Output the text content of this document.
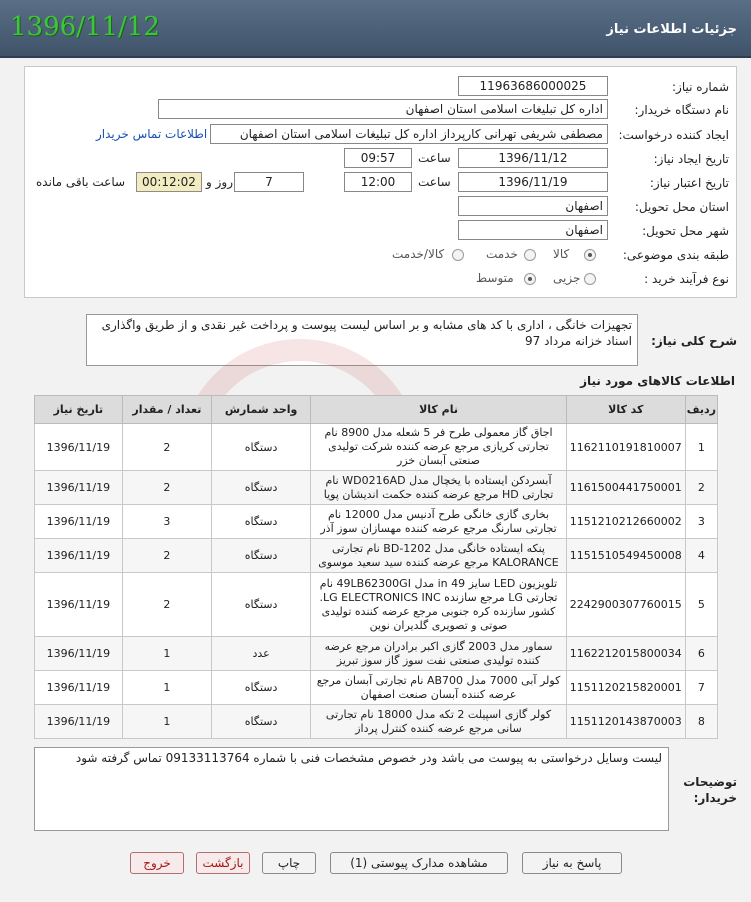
جزئیات اطلاعات نیاز
1396/11/12
شماره نیاز:
11963686000025
نام دستگاه خریدار:
اداره کل تبلیغات اسلامی استان اصفهان
ایجاد کننده درخواست:
مصطفی شریفی تهرانی کارپرداز اداره کل تبلیغات اسلامی استان اصفهان
اطلاعات تماس خریدار
تاریخ ایجاد نیاز:
1396/11/12
ساعت
09:57
تاریخ اعتبار نیاز:
1396/11/19
ساعت
12:00
7
روز و
00:12:02
ساعت باقی مانده
استان محل تحویل:
اصفهان
شهر محل تحویل:
اصفهان
طبقه بندی موضوعی:
کالا
خدمت
کالا/خدمت
نوع فرآیند خرید :
جزیی
متوسط
شرح کلی نیاز:
تجهیزات خانگی ، اداری با کد های مشابه و بر اساس لیست پیوست و پرداخت غیر نقدی و از طریق واگذاری اسناد خزانه مرداد 97
اطلاعات کالاهای مورد نیاز
ردیف	کد کالا	نام کالا	واحد شمارش	تعداد / مقدار	تاریخ نیاز
1	1162110191810007	اجاق گاز معمولی طرح فر 5 شعله مدل 8900 نام تجارتی کریازی مرجع عرضه کننده شرکت تولیدی صنعتی آبسان خزر	دستگاه	2	1396/11/19
2	1161500441750001	آبسردکن ایستاده با یخچال مدل WD0216AD نام تجارتی HD مرجع عرضه کننده حکمت اندیشان پویا	دستگاه	2	1396/11/19
3	1151210212660002	بخاری گازی خانگی طرح آدنیس مدل 12000 نام تجارتی سارنگ مرجع عرضه کننده مهسازان سوز آذر	دستگاه	3	1396/11/19
4	1151510549450008	پنکه ایستاده خانگی مدل BD-1202 نام تجارتی KALORANCE مرجع عرضه کننده سید سعید موسوی	دستگاه	2	1396/11/19
5	2242900307760015	تلویزیون LED سایز 49 in مدل 49LB62300GI نام تجارتی LG مرجع سازنده LG ELECTRONICS INC. کشور سازنده کره جنوبی مرجع عرضه کننده تولیدی صوتی و تصویری گلدیران نوین	دستگاه	2	1396/11/19
6	1162212015800034	سماور مدل 2003 گازی اکبر برادران مرجع عرضه کننده تولیدی صنعتی نفت سوز گاز سوز تبریز	عدد	1	1396/11/19
7	1151120215820001	کولر آبی 7000 مدل AB700 نام تجارتی آبسان مرجع عرضه کننده آبسان صنعت اصفهان	دستگاه	1	1396/11/19
8	1151120143870003	کولر گازی اسپیلت 2 تکه مدل 18000 نام تجارتی سانی مرجع عرضه کننده کنترل پرداز	دستگاه	1	1396/11/19
توضیحات خریدار:
لیست وسایل درخواستی به پیوست می باشد ودر خصوص مشخصات فنی با شماره 09133113764 تماس گرفته شود
پاسخ به نیاز
مشاهده مدارک پیوستی (1)
چاپ
بازگشت
خروج
